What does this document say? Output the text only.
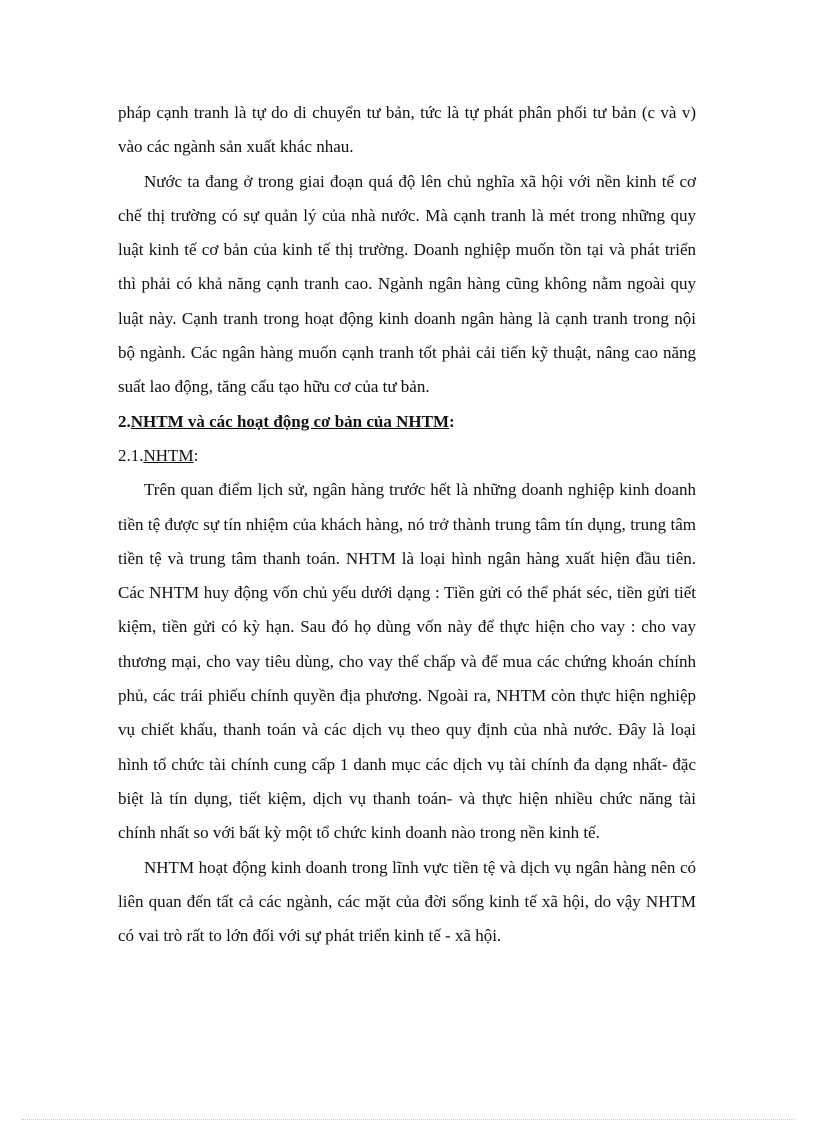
pháp cạnh tranh là tự do di chuyển tư bản, tức là tự phát phân phối tư bản (c và v) vào các ngành sản xuất khác nhau.

Nước ta đang ở trong giai đoạn quá độ lên chủ nghĩa xã hội với nền kinh tế cơ chế thị trường có sự quản lý của nhà nước. Mà cạnh tranh là mét trong những quy luật kinh tế cơ bản của kinh tế thị trường. Doanh nghiệp muốn tồn tại và phát triển thì phải có khả năng cạnh tranh cao. Ngành ngân hàng cũng không nằm ngoài quy luật này. Cạnh tranh trong hoạt động kinh doanh ngân hàng là cạnh tranh trong nội bộ ngành. Các ngân hàng muốn cạnh tranh tốt phải cải tiến kỹ thuật, nâng cao năng suất lao động, tăng cấu tạo hữu cơ của tư bản.

2.NHTM và các hoạt động cơ bản của NHTM:

2.1.NHTM:

Trên quan điểm lịch sử, ngân hàng trước hết là những doanh nghiệp kinh doanh tiền tệ được sự tín nhiệm của khách hàng, nó trở thành trung tâm tín dụng, trung tâm tiền tệ và trung tâm thanh toán. NHTM là loại hình ngân hàng xuất hiện đầu tiên. Các NHTM huy động vốn chủ yếu dưới dạng : Tiền gửi có thể phát séc, tiền gửi tiết kiệm, tiền gửi có kỳ hạn. Sau đó họ dùng vốn này để thực hiện cho vay : cho vay thương mại, cho vay tiêu dùng, cho vay thế chấp và để mua các chứng khoán chính phủ, các trái phiếu chính quyền địa phương. Ngoài ra, NHTM còn thực hiện nghiệp vụ chiết khấu, thanh toán và các dịch vụ theo quy định của nhà nước. Đây là loại hình tổ chức tài chính cung cấp 1 danh mục các dịch vụ tài chính đa dạng nhất- đặc biệt là tín dụng, tiết kiệm, dịch vụ thanh toán- và thực hiện nhiều chức năng tài chính nhất so với bất kỳ một tổ chức kinh doanh nào trong nền kinh tế.

NHTM hoạt động kinh doanh trong lĩnh vực tiền tệ và dịch vụ ngân hàng nên có liên quan đến tất cả các ngành, các mặt của đời sống kinh tế xã hội, do vậy NHTM có vai trò rất to lớn đối với sự phát triển kinh tế - xã hội.
